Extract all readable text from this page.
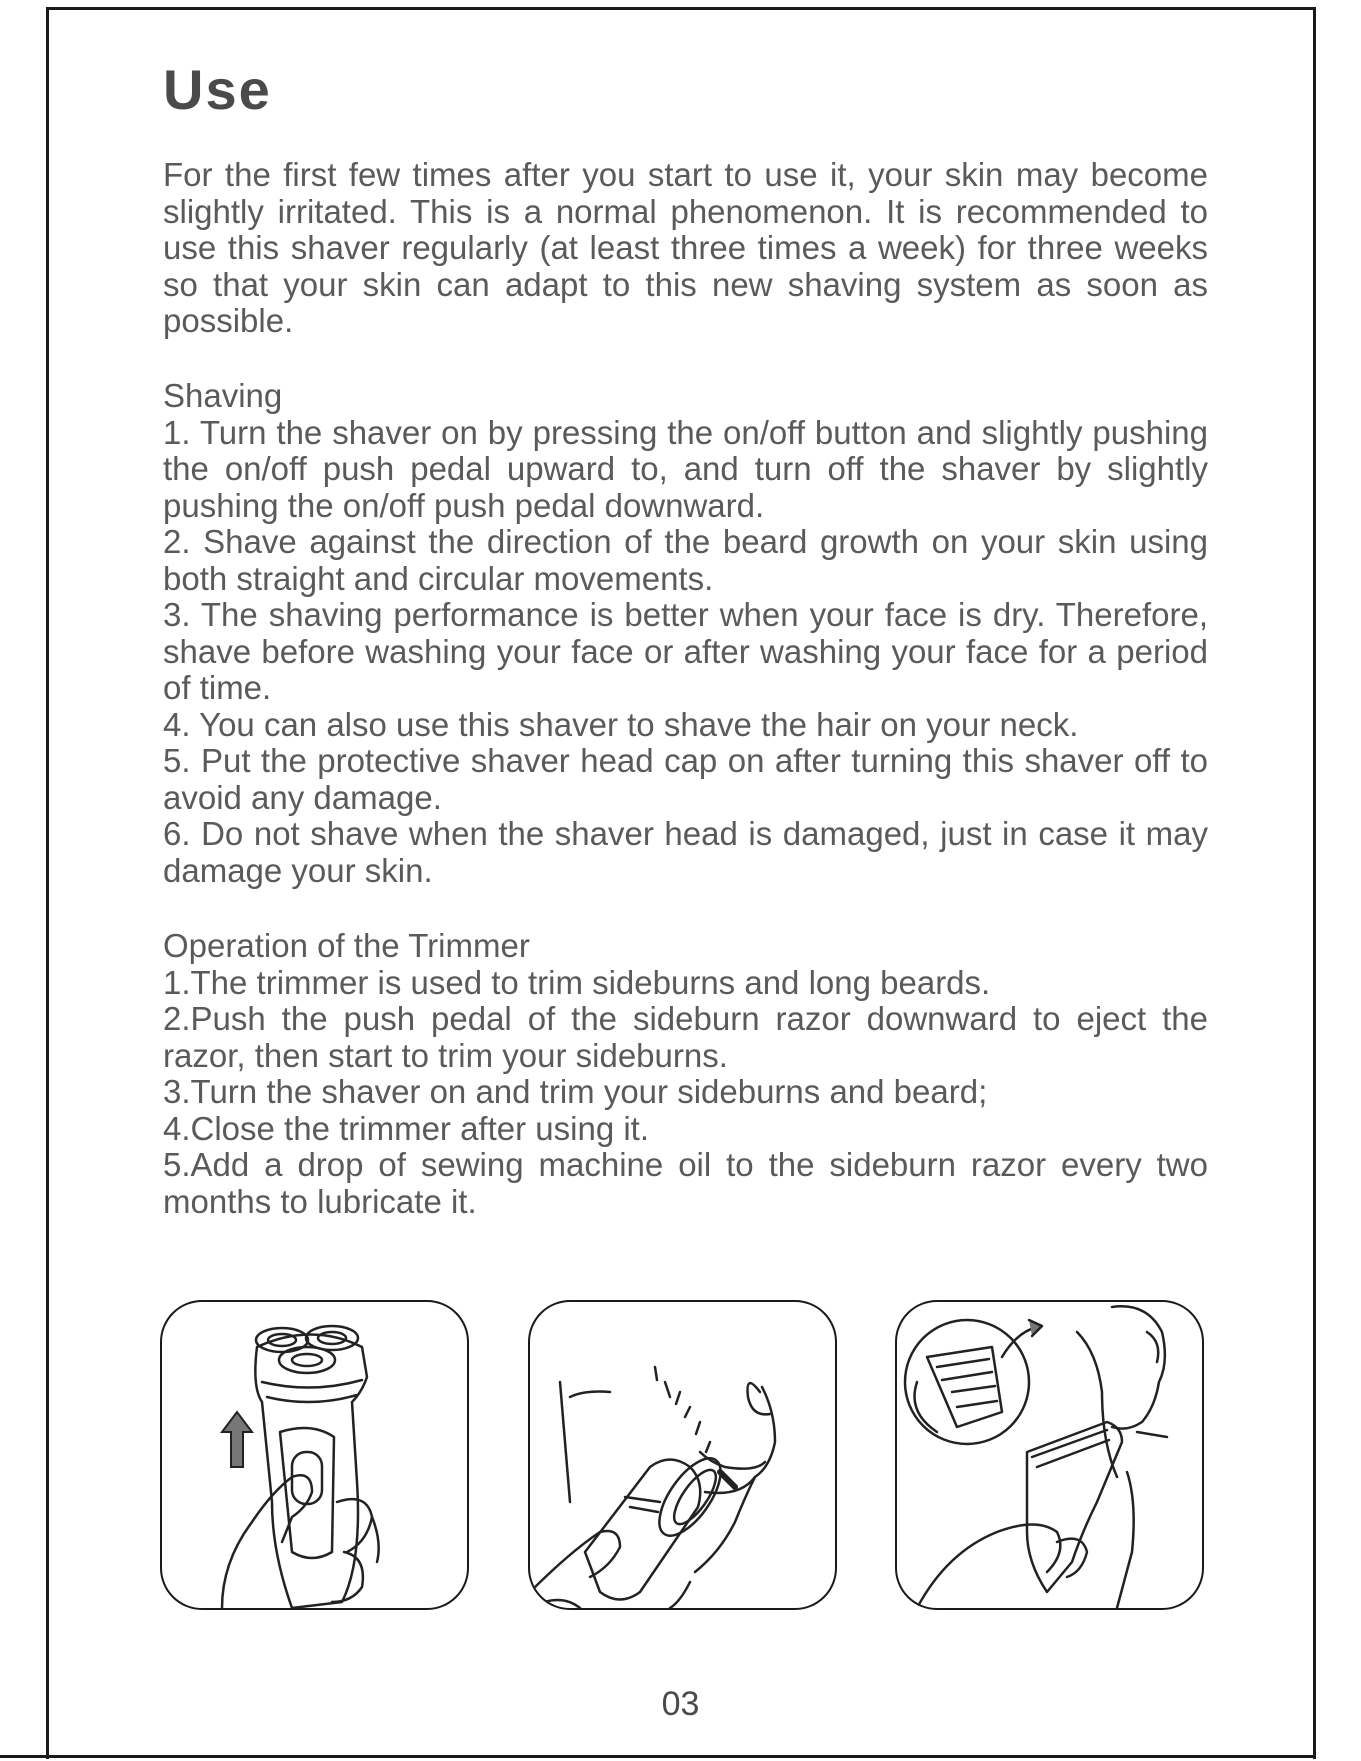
Use

For the first few times after you start to use it, your skin may become slightly irritated. This is a normal phenomenon. It is recommended to use this shaver regularly (at least three times a week) for three weeks so that your skin can adapt to this new shaving system as soon as possible.

Shaving

1. Turn the shaver on by pressing the on/off button and slightly pushing the on/off push pedal upward to, and turn off the shaver by slightly pushing the on/off push pedal downward.
2. Shave against the direction of the beard growth on your skin using both straight and circular movements.
3. The shaving performance is better when your face is dry. Therefore, shave before washing your face or after washing your face for a period of time.
4. You can also use this shaver to shave the hair on your neck.
5. Put the protective shaver head cap on after turning this shaver off to avoid any damage.
6. Do not shave when the shaver head is damaged, just in case it may damage your skin.

Operation of the Trimmer

1.The trimmer is used to trim sideburns and long beards.
2.Push the push pedal of the sideburn razor downward to eject the razor, then start to trim your sideburns.
3.Turn the shaver on and trim your sideburns and beard;
4.Close the trimmer after using it.
5.Add a drop of sewing machine oil to the sideburn razor every two months to lubricate it.
03
